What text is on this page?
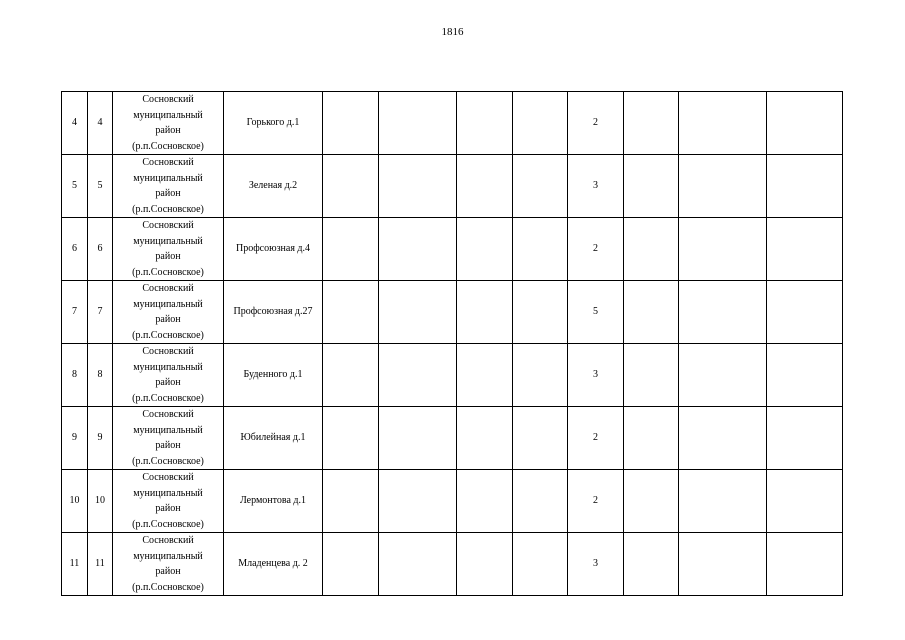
1816
4	4	Сосновский
муниципальный
район
(р.п.Сосновское)	Горького д.1					2			
5	5	Сосновский
муниципальный
район
(р.п.Сосновское)	Зеленая д.2					3			
6	6	Сосновский
муниципальный
район
(р.п.Сосновское)	Профсоюзная д.4					2			
7	7	Сосновский
муниципальный
район
(р.п.Сосновское)	Профсоюзная д.27					5			
8	8	Сосновский
муниципальный
район
(р.п.Сосновское)	Буденного д.1					3			
9	9	Сосновский
муниципальный
район
(р.п.Сосновское)	Юбилейная д.1					2			
10	10	Сосновский
муниципальный
район
(р.п.Сосновское)	Лермонтова д.1					2			
11	11	Сосновский
муниципальный
район
(р.п.Сосновское)	Младенцева д. 2					3			
